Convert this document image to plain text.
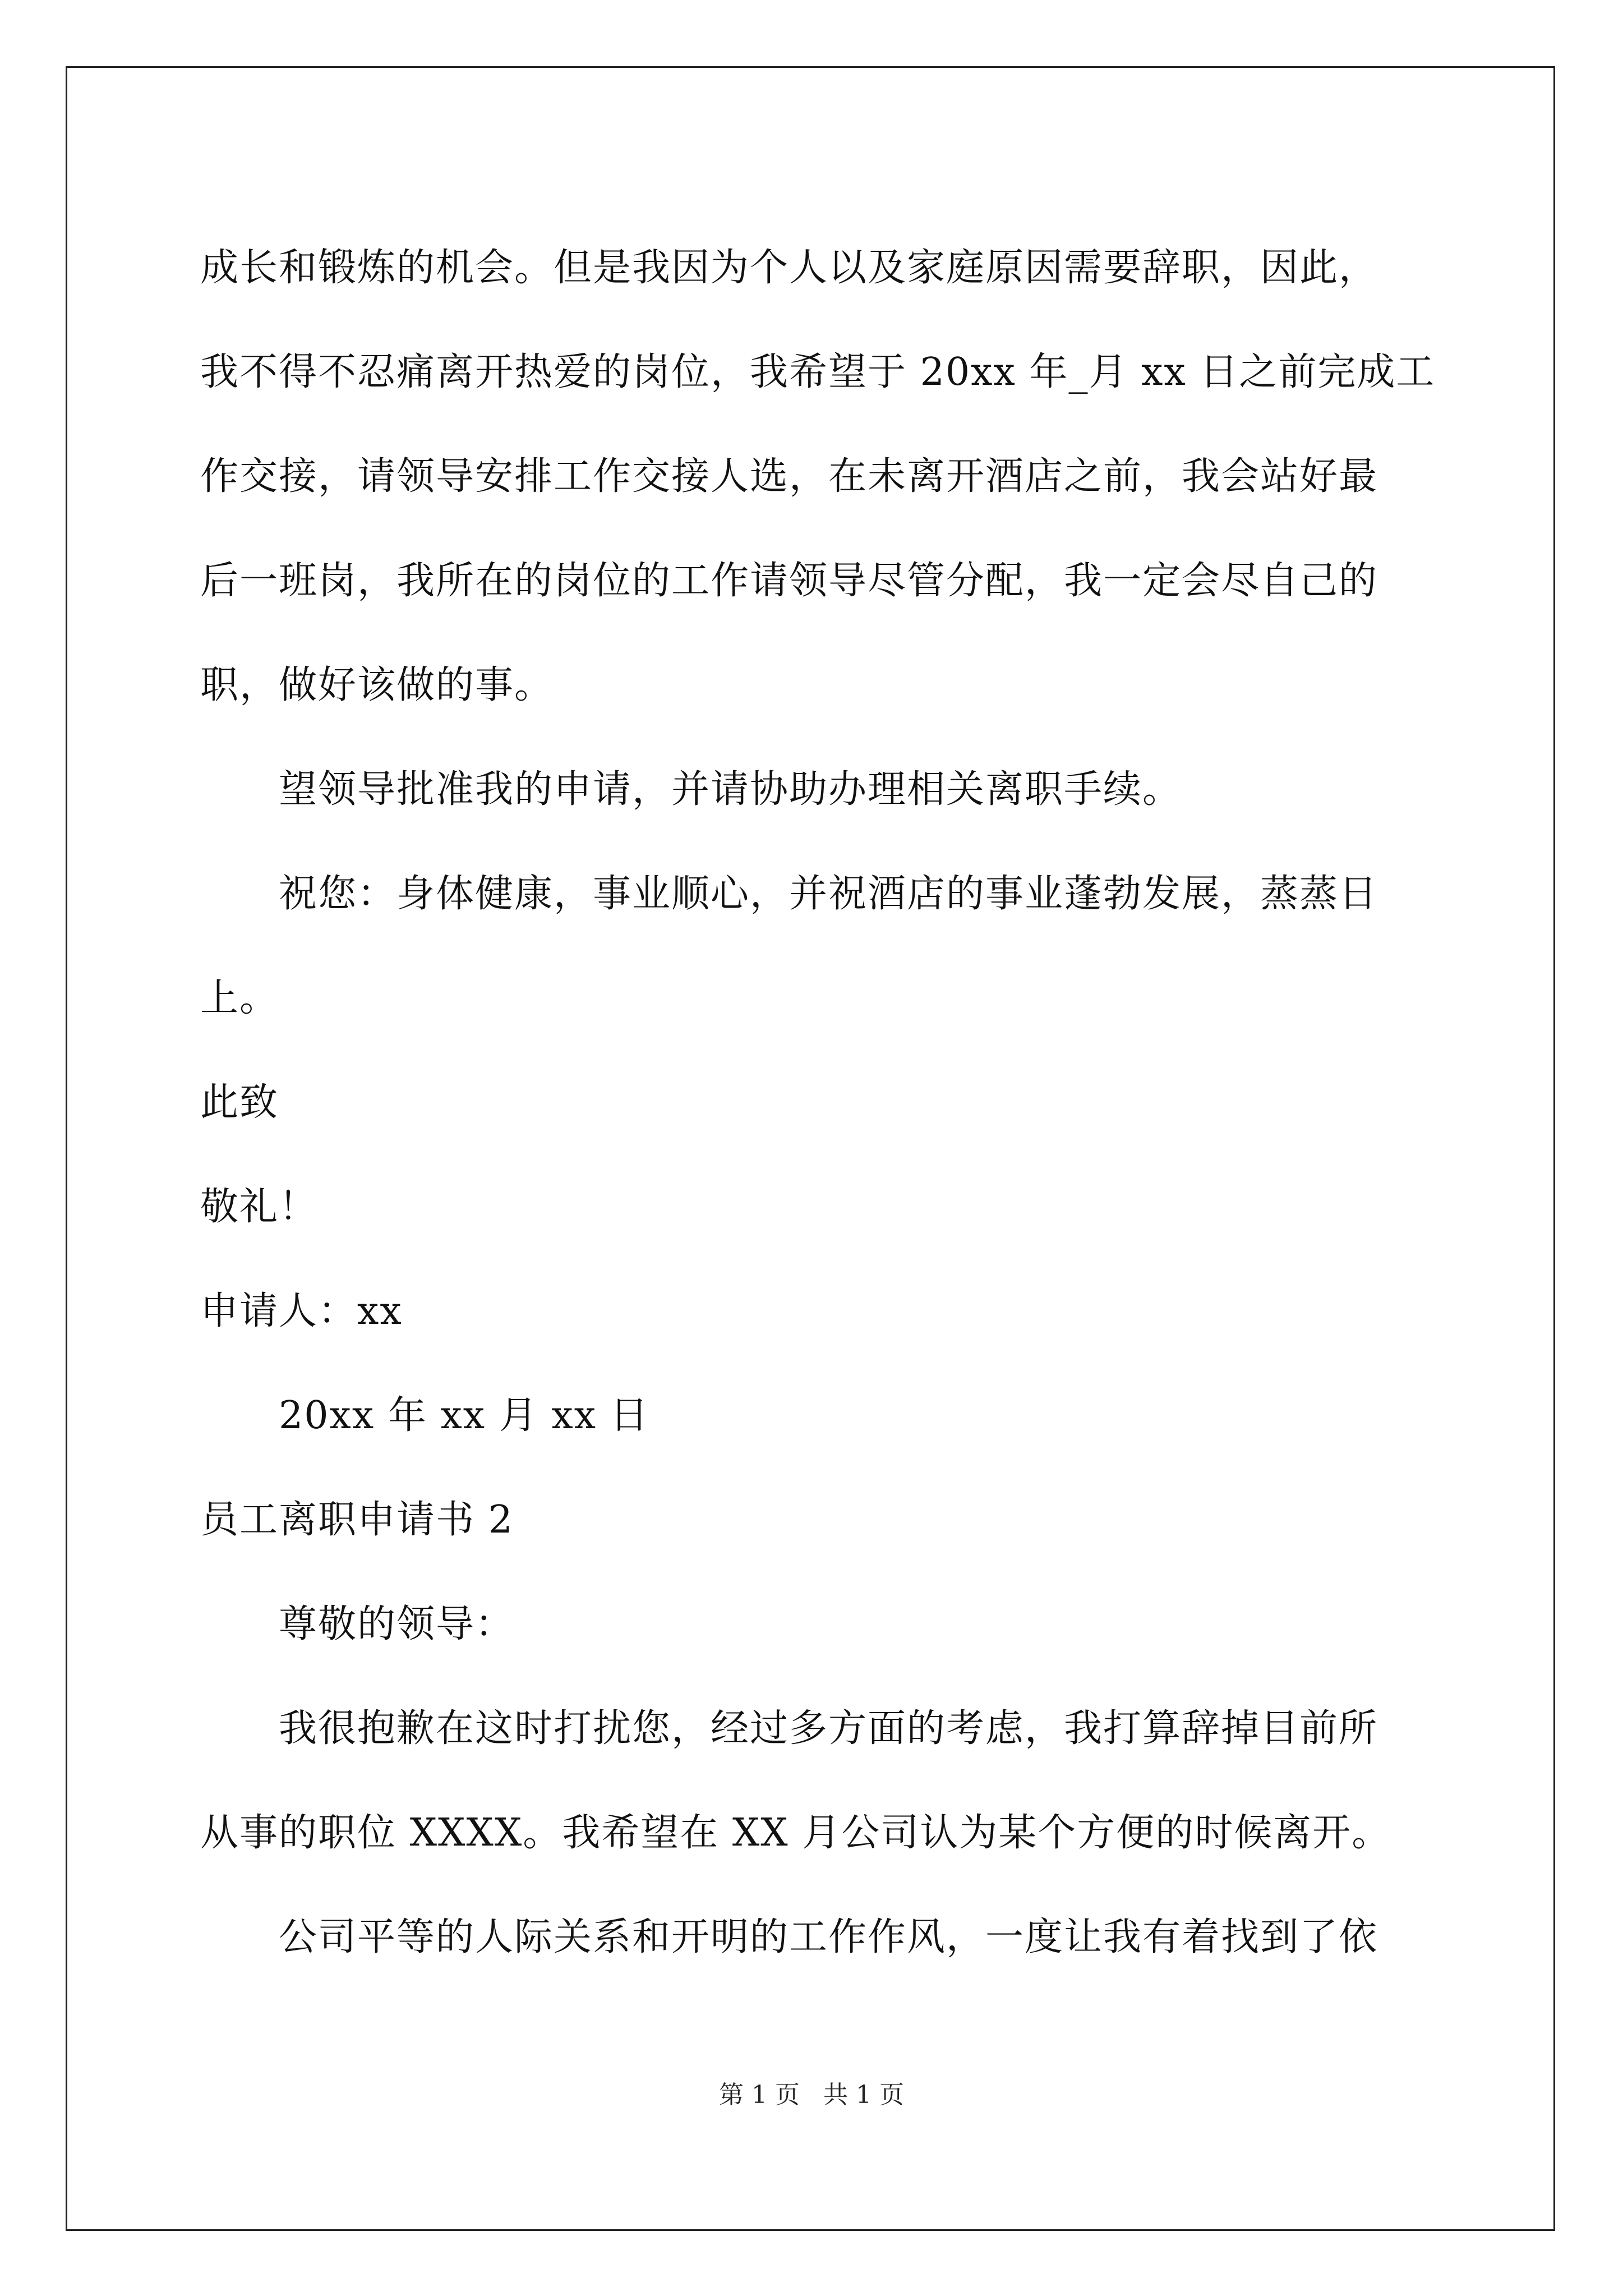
成长和锻炼的机会。但是我因为个人以及家庭原因需要辞职，因此，
我不得不忍痛离开热爱的岗位，我希望于 20xx 年_月 xx 日之前完成工
作交接，请领导安排工作交接人选，在未离开酒店之前，我会站好最
后一班岗，我所在的岗位的工作请领导尽管分配，我一定会尽自己的
职，做好该做的事。
望领导批准我的申请，并请协助办理相关离职手续。
祝您：身体健康，事业顺心，并祝酒店的事业蓬勃发展，蒸蒸日
上。
此致
敬礼！
申请人：xx
20xx 年 xx 月 xx 日
员工离职申请书 2
尊敬的领导：
我很抱歉在这时打扰您，经过多方面的考虑，我打算辞掉目前所
从事的职位 XXXX。我希望在 XX 月公司认为某个方便的时候离开。
公司平等的人际关系和开明的工作作风，一度让我有着找到了依
第 1 页   共 1 页
